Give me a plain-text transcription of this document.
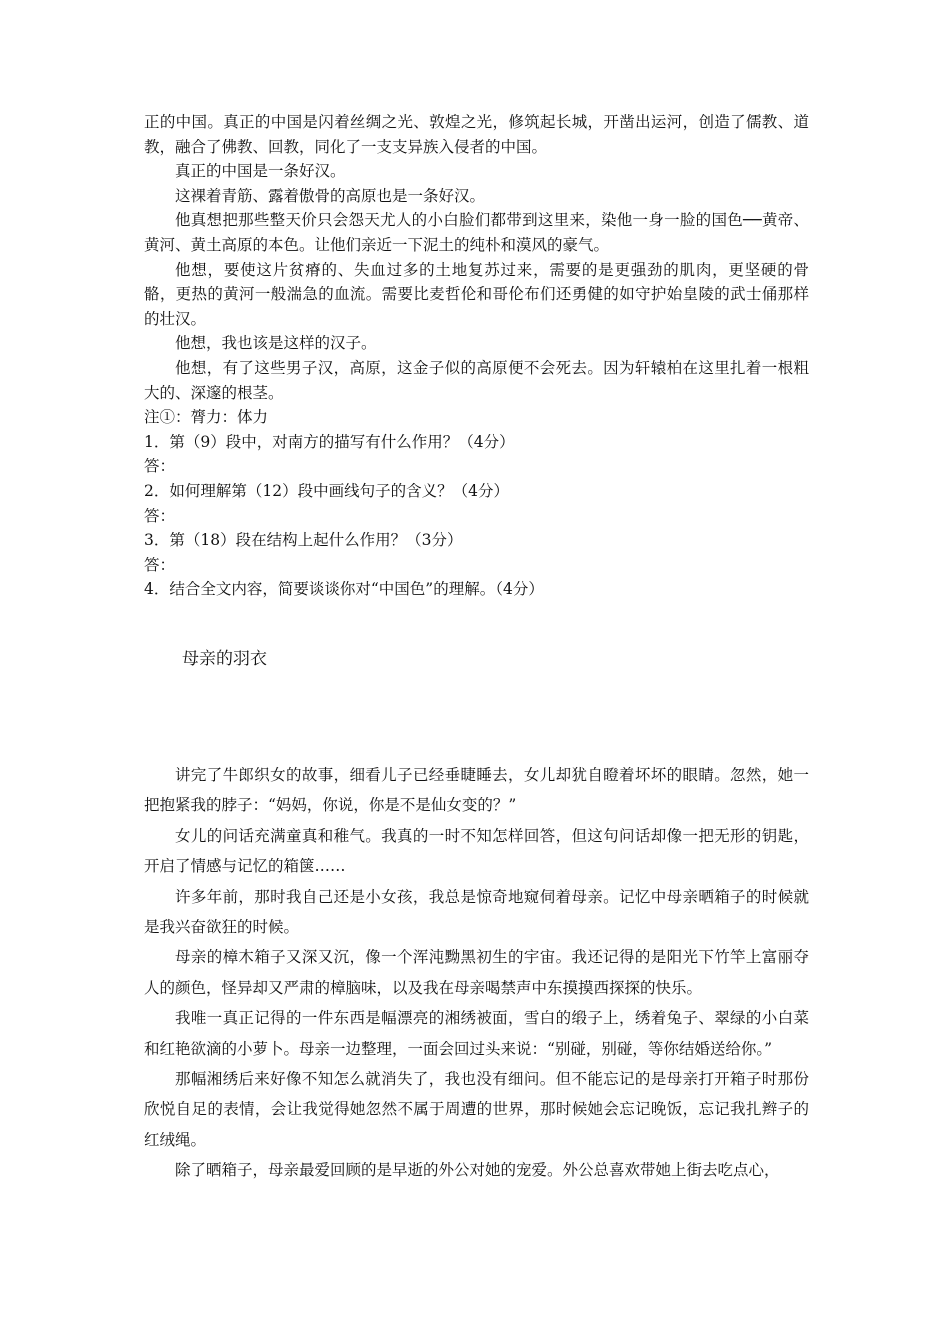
正的中国。真正的中国是闪着丝绸之光、敦煌之光，修筑起长城，开凿出运河，创造了儒教、道教，融合了佛教、回教，同化了一支支异族入侵者的中国。

真正的中国是一条好汉。

这裸着青筋、露着傲骨的高原也是一条好汉。

他真想把那些整天价只会怨天尤人的小白脸们都带到这里来，染他一身一脸的国色──黄帝、黄河、黄土高原的本色。让他们亲近一下泥土的纯朴和漠风的豪气。

他想，要使这片贫瘠的、失血过多的土地复苏过来，需要的是更强劲的肌肉，更坚硬的骨骼，更热的黄河一般湍急的血流。需要比麦哲伦和哥伦布们还勇健的如守护始皇陵的武士俑那样的壮汉。

他想，我也该是这样的汉子。

他想，有了这些男子汉，高原，这金子似的高原便不会死去。因为轩辕柏在这里扎着一根粗大的、深邃的根茎。

注①：膂力：体力

1．第（9）段中，对南方的描写有什么作用？（4分）

答：

2．如何理解第（12）段中画线句子的含义？（4分）

答：

3．第（18）段在结构上起什么作用？（3分）

答：

4．结合全文内容，简要谈谈你对“中国色”的理解。（4分）

母亲的羽衣

讲完了牛郎织女的故事，细看儿子已经垂睫睡去，女儿却犹自瞪着坏坏的眼睛。忽然，她一把抱紧我的脖子：“妈妈，你说，你是不是仙女变的？”

女儿的问话充满童真和稚气。我真的一时不知怎样回答，但这句问话却像一把无形的钥匙，开启了情感与记忆的箱箧……

许多年前，那时我自己还是小女孩，我总是惊奇地窥伺着母亲。记忆中母亲晒箱子的时候就是我兴奋欲狂的时候。

母亲的樟木箱子又深又沉，像一个浑沌黝黑初生的宇宙。我还记得的是阳光下竹竿上富丽夺人的颜色，怪异却又严肃的樟脑味，以及我在母亲喝禁声中东摸摸西探探的快乐。

我唯一真正记得的一件东西是幅漂亮的湘绣被面，雪白的缎子上，绣着兔子、翠绿的小白菜和红艳欲滴的小萝卜。母亲一边整理，一面会回过头来说：“别碰，别碰，等你结婚送给你。”

那幅湘绣后来好像不知怎么就消失了，我也没有细问。但不能忘记的是母亲打开箱子时那份欣悦自足的表情，会让我觉得她忽然不属于周遭的世界，那时候她会忘记晚饭，忘记我扎辫子的红绒绳。

除了晒箱子，母亲最爱回顾的是早逝的外公对她的宠爱。外公总喜欢带她上街去吃点心，
